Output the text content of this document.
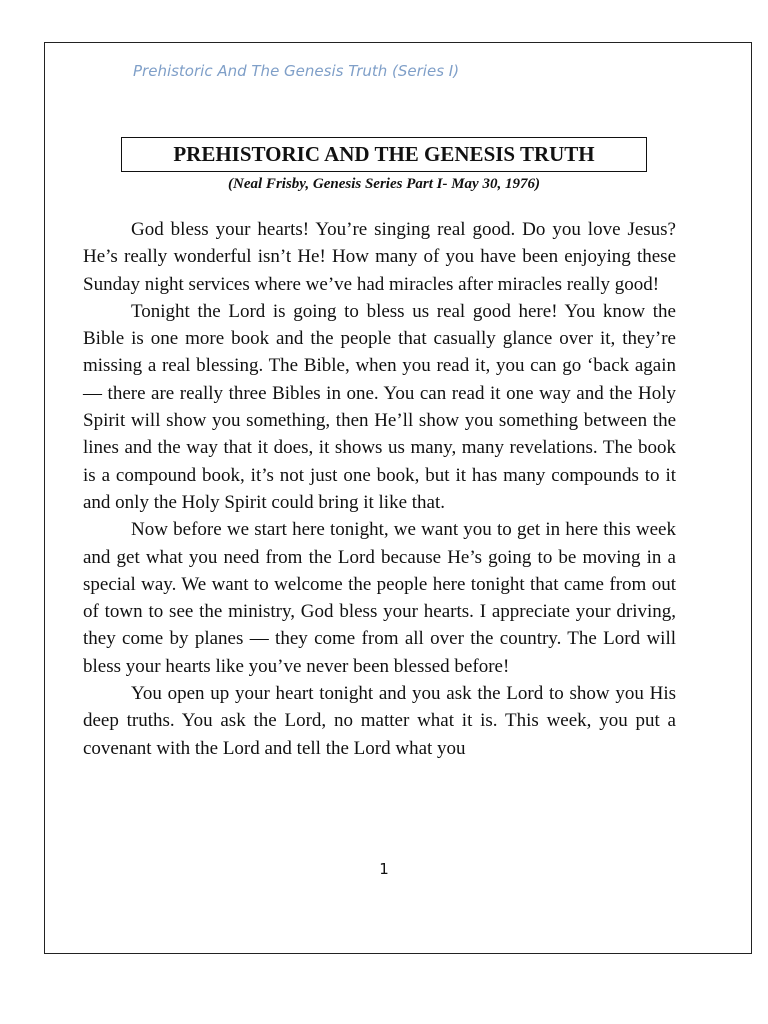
Prehistoric And The Genesis Truth (Series I)
PREHISTORIC AND THE GENESIS TRUTH
(Neal Frisby, Genesis Series Part I- May 30, 1976)

God bless your hearts! You’re singing real good. Do you love Jesus? He’s really wonderful isn’t He! How many of you have been enjoying these Sunday night services where we’ve had miracles after miracles really good!

Tonight the Lord is going to bless us real good here! You know the Bible is one more book and the people that casually glance over it, they’re missing a real blessing. The Bible, when you read it, you can go ‘back again — there are really three Bibles in one. You can read it one way and the Holy Spirit will show you something, then He’ll show you something between the lines and the way that it does, it shows us many, many revelations. The book is a compound book, it’s not just one book, but it has many compounds to it and only the Holy Spirit could bring it like that.

Now before we start here tonight, we want you to get in here this week and get what you need from the Lord because He’s going to be moving in a special way. We want to welcome the people here tonight that came from out of town to see the ministry, God bless your hearts. I appreciate your driving, they come by planes — they come from all over the country. The Lord will bless your hearts like you’ve never been blessed before!

You open up your heart tonight and you ask the Lord to show you His deep truths. You ask the Lord, no matter what it is. This week, you put a covenant with the Lord and tell the Lord what you

1
